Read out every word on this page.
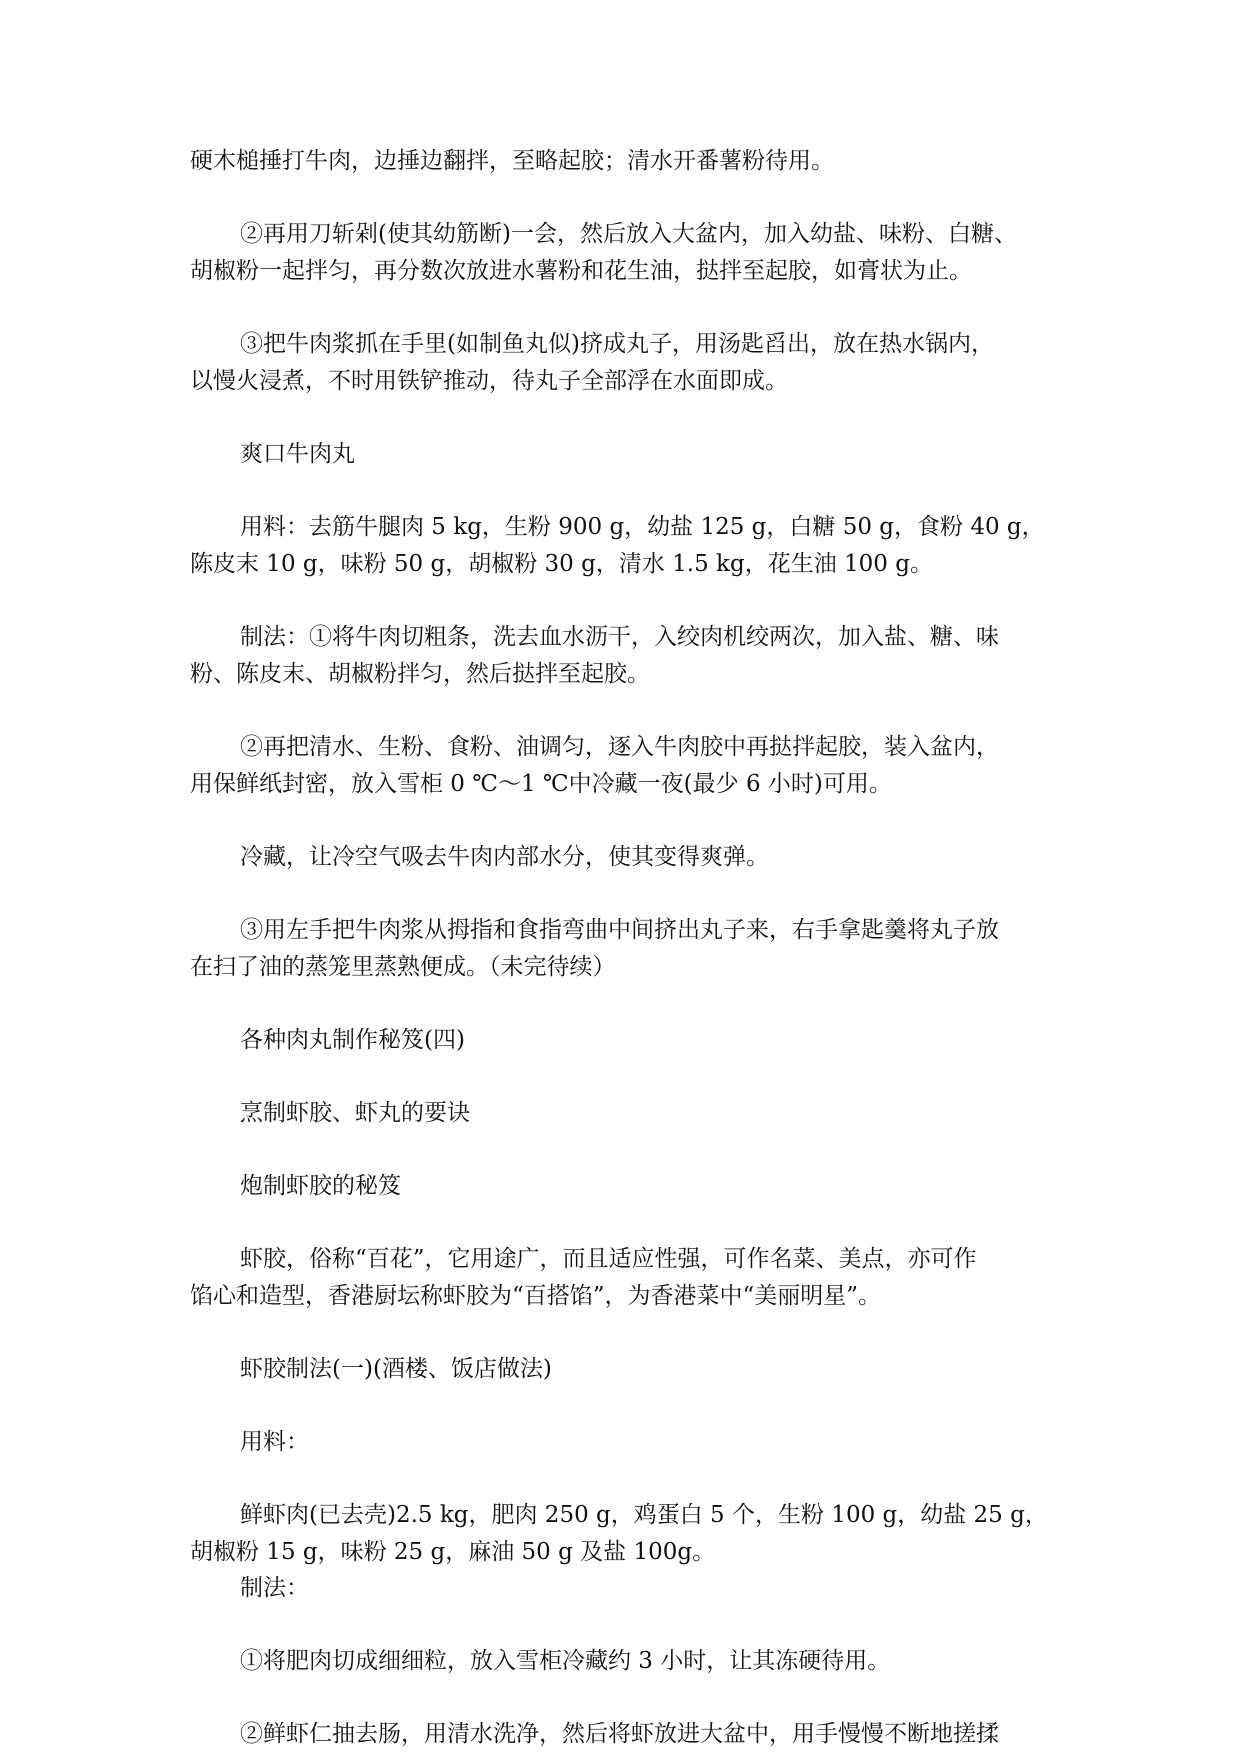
硬木槌捶打牛肉，边捶边翻拌，至略起胶；清水开番薯粉待用。

②再用刀斩剁(使其幼筋断)一会，然后放入大盆内，加入幼盐、味粉、白糖、
胡椒粉一起拌匀，再分数次放进水薯粉和花生油，挞拌至起胶，如膏状为止。

③把牛肉浆抓在手里(如制鱼丸似)挤成丸子，用汤匙舀出，放在热水锅内，
以慢火浸煮，不时用铁铲推动，待丸子全部浮在水面即成。

爽口牛肉丸

用料：去筋牛腿肉 5 kg，生粉 900 g，幼盐 125 g，白糖 50 g，食粉 40 g，
陈皮末 10 g，味粉 50 g，胡椒粉 30 g，清水 1.5 kg，花生油 100 g。

制法：①将牛肉切粗条，洗去血水沥干，入绞肉机绞两次，加入盐、糖、味
粉、陈皮末、胡椒粉拌匀，然后挞拌至起胶。

②再把清水、生粉、食粉、油调匀，逐入牛肉胶中再挞拌起胶，装入盆内，
用保鲜纸封密，放入雪柜 0 ℃～1 ℃中冷藏一夜(最少 6 小时)可用。

冷藏，让冷空气吸去牛肉内部水分，使其变得爽弹。

③用左手把牛肉浆从拇指和食指弯曲中间挤出丸子来，右手拿匙羹将丸子放
在扫了油的蒸笼里蒸熟便成。（未完待续）

各种肉丸制作秘笈(四)

烹制虾胶、虾丸的要诀

炮制虾胶的秘笈

虾胶，俗称“百花”，它用途广，而且适应性强，可作名菜、美点，亦可作
馅心和造型，香港厨坛称虾胶为“百搭馅”，为香港菜中“美丽明星”。

虾胶制法(一)(酒楼、饭店做法)

用料：

鲜虾肉(已去壳)2.5 kg，肥肉 250 g，鸡蛋白 5 个，生粉 100 g，幼盐 25 g，
胡椒粉 15 g，味粉 25 g，麻油 50 g 及盐 100g。

制法：

①将肥肉切成细细粒，放入雪柜冷藏约 3 小时，让其冻硬待用。

②鲜虾仁抽去肠，用清水洗净，然后将虾放进大盆中，用手慢慢不断地搓揉
